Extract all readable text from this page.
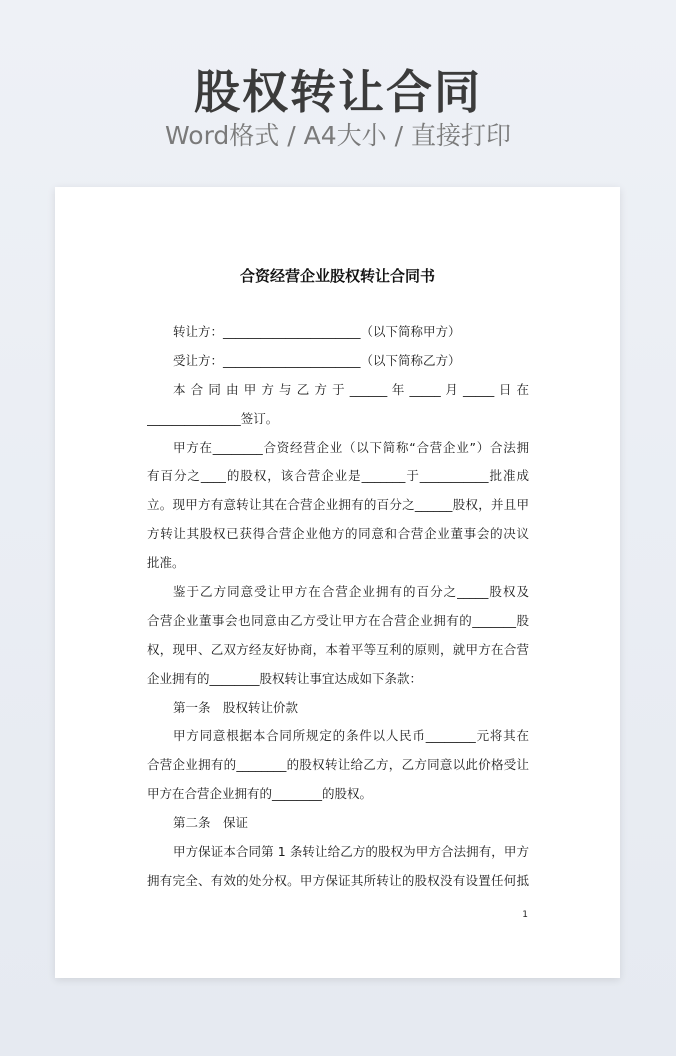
股权转让合同
Word格式 / A4大小 / 直接打印
合资经营企业股权转让合同书
转让方：______________________（以下简称甲方）
受让方：______________________（以下简称乙方）
本 合 同 由 甲 方 与 乙 方 于 ______ 年 _____ 月 _____ 日 在
_______________签订。
甲方在________合资经营企业（以下简称“合营企业”）合法拥
有百分之____的股权，该合营企业是_______于___________批准成
立。现甲方有意转让其在合营企业拥有的百分之______股权，并且甲
方转让其股权已获得合营企业他方的同意和合营企业董事会的决议
批准。
鉴于乙方同意受让甲方在合营企业拥有的百分之_____股权及
合营企业董事会也同意由乙方受让甲方在合营企业拥有的_______股
权，现甲、乙双方经友好协商，本着平等互利的原则，就甲方在合营
企业拥有的________股权转让事宜达成如下条款：
第一条　股权转让价款
甲方同意根据本合同所规定的条件以人民币________元将其在
合营企业拥有的________的股权转让给乙方，乙方同意以此价格受让
甲方在合营企业拥有的________的股权。
第二条　保证
甲方保证本合同第 1 条转让给乙方的股权为甲方合法拥有，甲方
拥有完全、有效的处分权。甲方保证其所转让的股权没有设置任何抵
1
